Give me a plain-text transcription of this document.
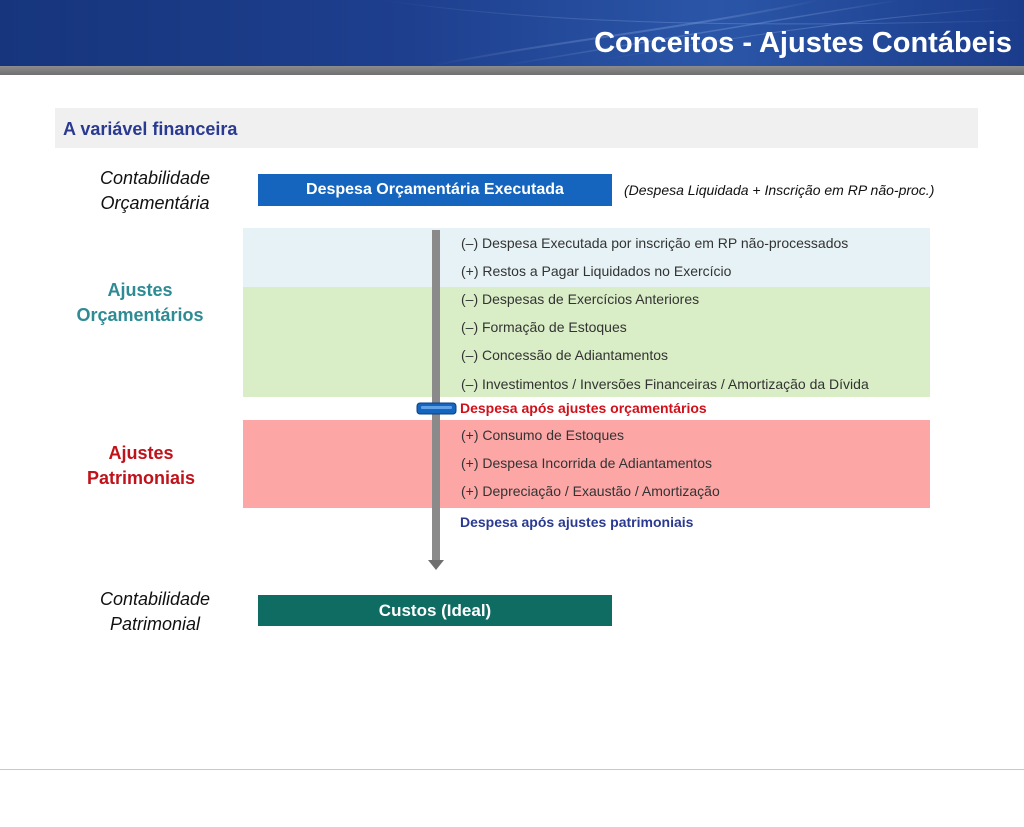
Conceitos - Ajustes Contábeis
A variável financeira
Contabilidade
Orçamentária
Ajustes
Orçamentários
Ajustes
Patrimoniais
Contabilidade
Patrimonial
Despesa Orçamentária Executada	(Despesa Liquidada + Inscrição em RP não-proc.)
(–) Despesa Executada por inscrição em RP não-processados
(+) Restos a Pagar Liquidados no Exercício
(–) Despesas de Exercícios Anteriores
(–) Formação de Estoques
(–) Concessão de Adiantamentos
(–) Investimentos / Inversões Financeiras / Amortização da Dívida
Despesa após ajustes orçamentários
(+) Consumo de Estoques
(+) Despesa Incorrida de Adiantamentos
(+) Depreciação / Exaustão / Amortização
Despesa após ajustes patrimoniais
Custos (Ideal)
